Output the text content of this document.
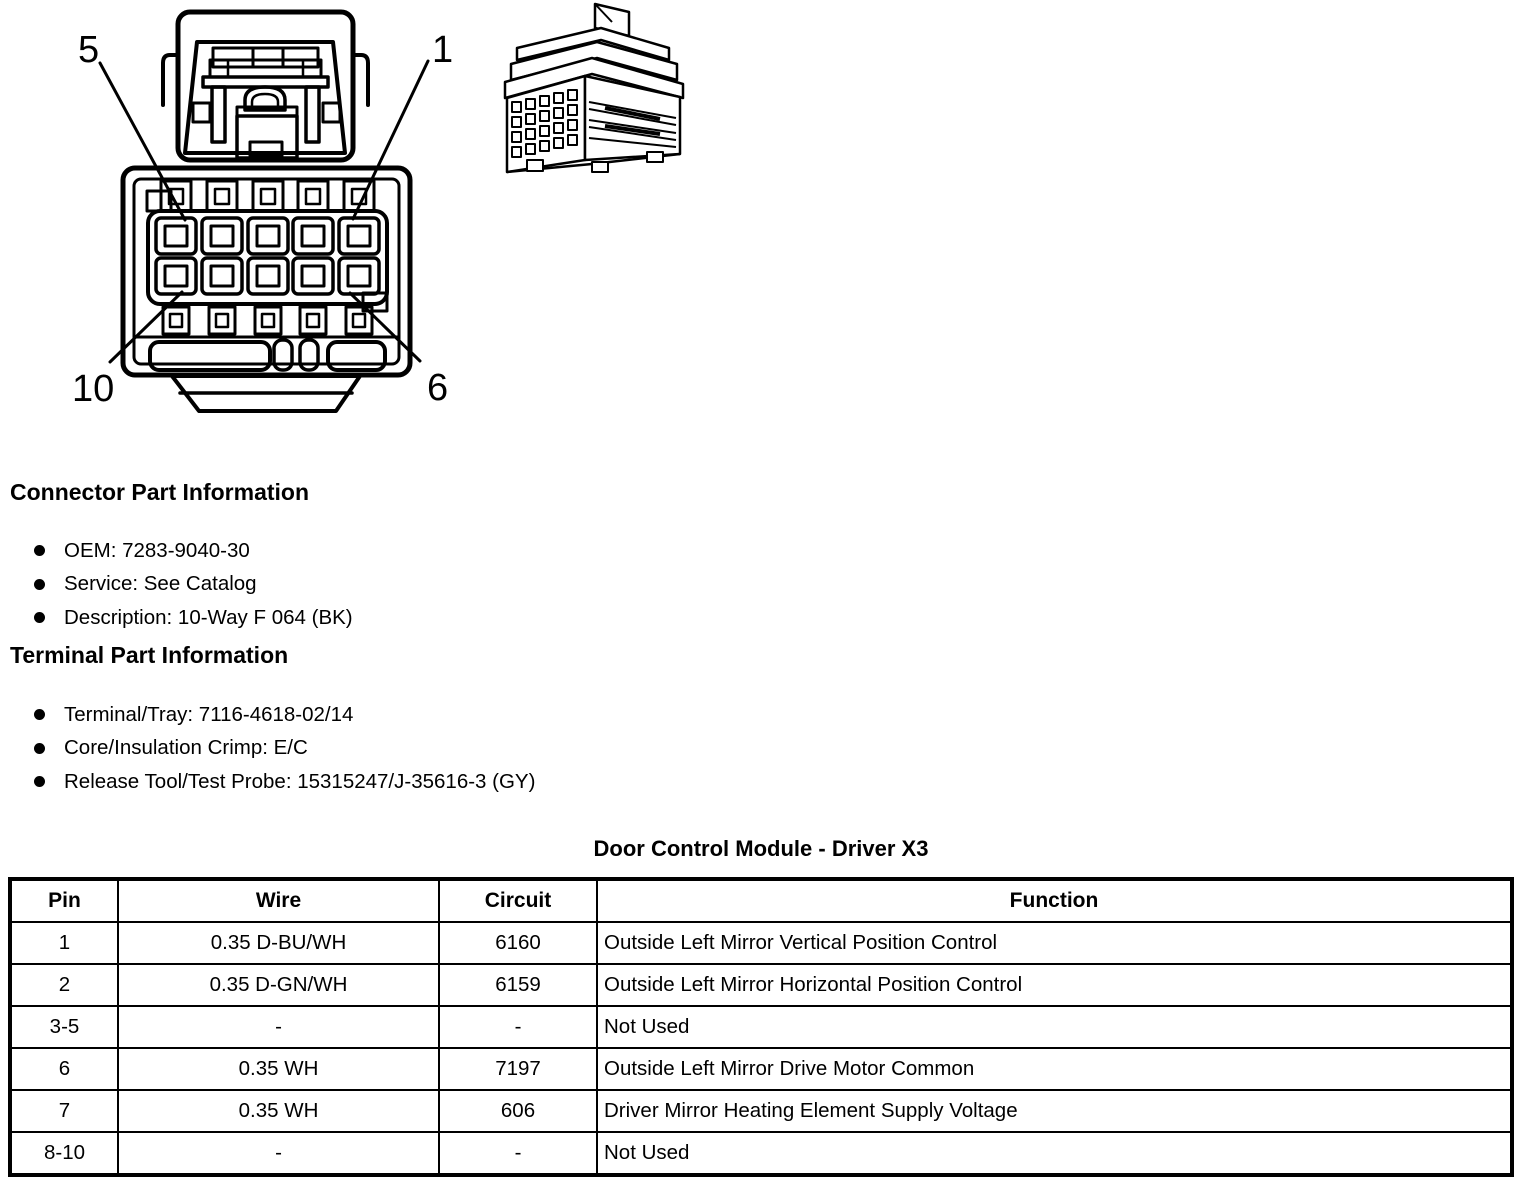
5	1
10	6
Connector Part Information
OEM: 7283-9040-30
Service: See Catalog
Description: 10-Way F 064 (BK)
Terminal Part Information
Terminal/Tray: 7116-4618-02/14
Core/Insulation Crimp: E/C
Release Tool/Test Probe: 15315247/J-35616-3 (GY)
Door Control Module - Driver X3
Pin	Wire	Circuit	Function
1	0.35 D-BU/WH	6160	Outside Left Mirror Vertical Position Control
2	0.35 D-GN/WH	6159	Outside Left Mirror Horizontal Position Control
3-5	-	-	Not Used
6	0.35 WH	7197	Outside Left Mirror Drive Motor Common
7	0.35 WH	606	Driver Mirror Heating Element Supply Voltage
8-10	-	-	Not Used
